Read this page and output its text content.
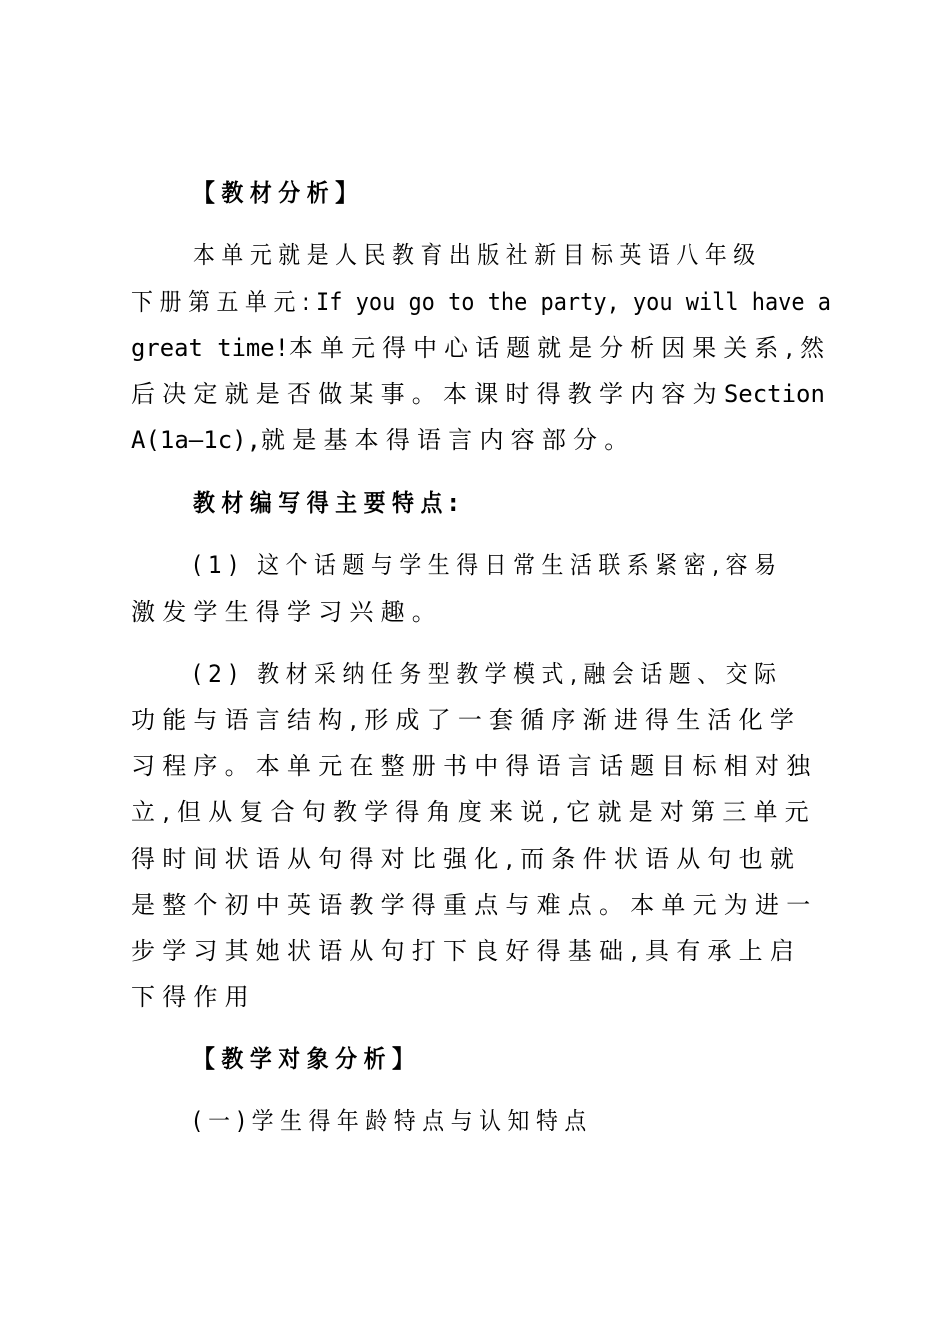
【教材分析】
本单元就是人民教育出版社新目标英语八年级
下册第五单元:If you go to the party, you will have a
great time!本单元得中心话题就是分析因果关系,然
后决定就是否做某事。本课时得教学内容为Section
A(1a—1c),就是基本得语言内容部分。
教材编写得主要特点:
(1) 这个话题与学生得日常生活联系紧密,容易
激发学生得学习兴趣。
(2) 教材采纳任务型教学模式,融会话题、交际
功能与语言结构,形成了一套循序渐进得生活化学
习程序。本单元在整册书中得语言话题目标相对独
立,但从复合句教学得角度来说,它就是对第三单元
得时间状语从句得对比强化,而条件状语从句也就
是整个初中英语教学得重点与难点。本单元为进一
步学习其她状语从句打下良好得基础,具有承上启
下得作用
【教学对象分析】
(一)学生得年龄特点与认知特点
